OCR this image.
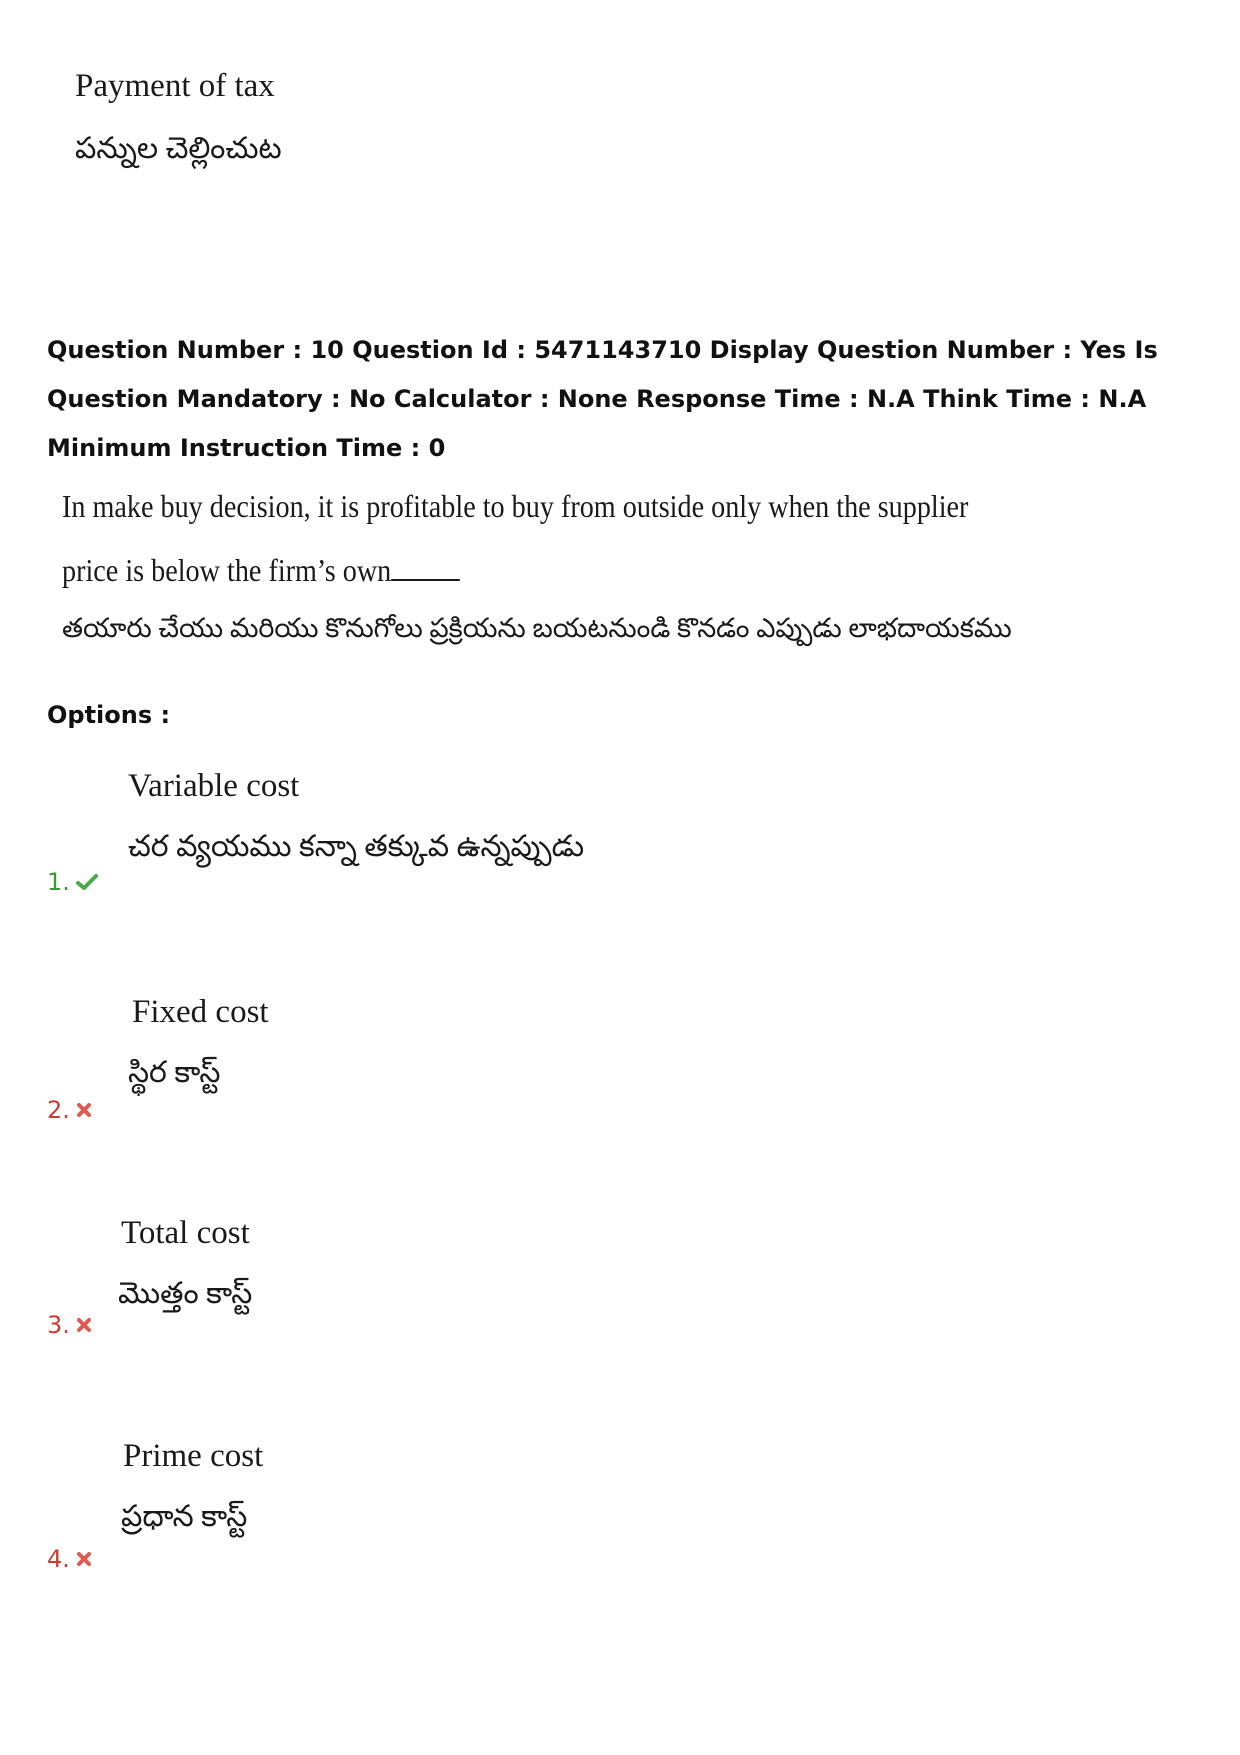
Payment of tax
పన్నుల చెల్లించుట
Question Number : 10 Question Id : 5471143710 Display Question Number : Yes Is Question Mandatory : No Calculator : None Response Time : N.A Think Time : N.A Minimum Instruction Time : 0
In make buy decision, it is profitable to buy from outside only when the supplier
price is below the firm’s own
తయారు చేయు మరియు కొనుగోలు ప్రక్రియను బయటనుండి కొనడం ఎప్పుడు లాభదాయకము
Options :
Variable cost
చర వ్యయము కన్నా తక్కువ ఉన్నప్పుడు
1.
Fixed cost
స్థిర కాస్ట్
2.
Total cost
మొత్తం కాస్ట్
3.
Prime cost
ప్రధాన కాస్ట్
4.
